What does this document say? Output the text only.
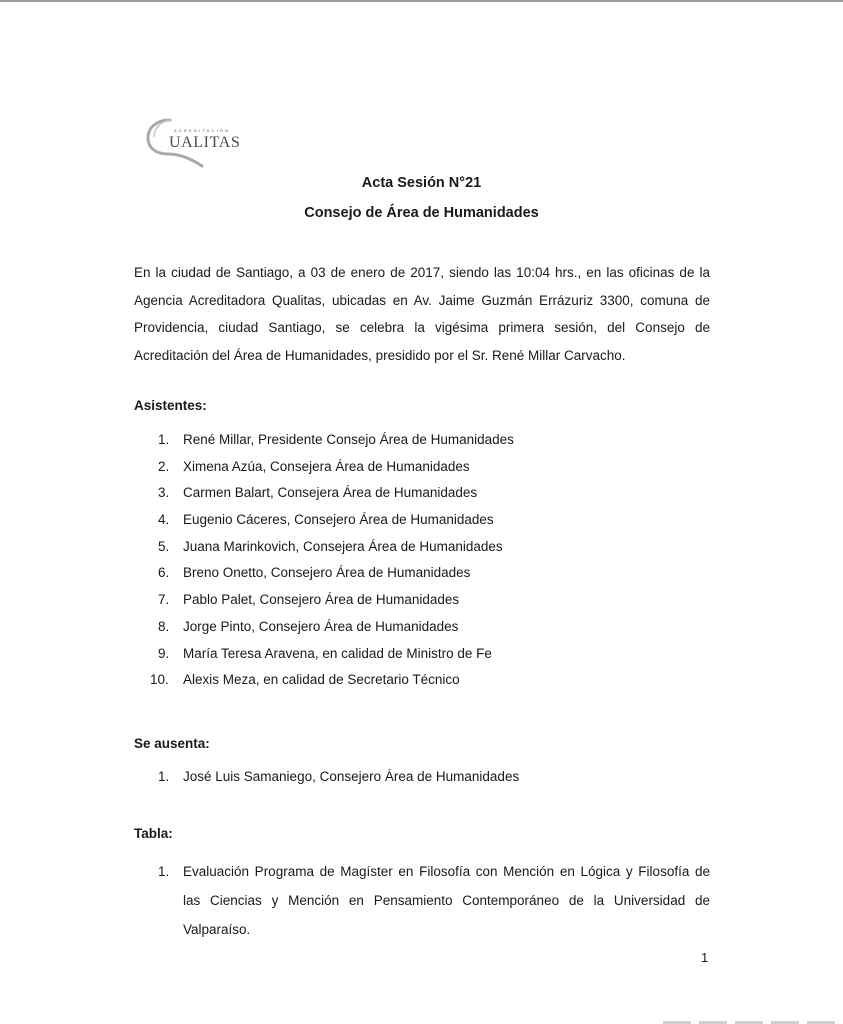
ACREDITACIÓN
UALITAS
Acta Sesión N°21
Consejo de Área de Humanidades
En la ciudad de Santiago, a 03 de enero de 2017, siendo las 10:04 hrs., en las oficinas de la
Agencia Acreditadora Qualitas, ubicadas en Av. Jaime Guzmán Errázuriz 3300, comuna de
Providencia, ciudad Santiago, se celebra la vigésima primera sesión, del Consejo de
Acreditación del Área de Humanidades, presidido por el Sr. René Millar Carvacho.
Asistentes:
1.	René Millar, Presidente Consejo Área de Humanidades
2.	Ximena Azúa, Consejera Área de Humanidades
3.	Carmen Balart, Consejera Área de Humanidades
4.	Eugenio Cáceres, Consejero Área de Humanidades
5.	Juana Marinkovich, Consejera Área de Humanidades
6.	Breno Onetto, Consejero Área de Humanidades
7.	Pablo Palet, Consejero Área de Humanidades
8.	Jorge Pinto, Consejero Área de Humanidades
9.	María Teresa Aravena, en calidad de Ministro de Fe
10.	Alexis Meza, en calidad de Secretario Técnico
Se ausenta:
1.	José Luis Samaniego, Consejero Área de Humanidades
Tabla:
1.	Evaluación Programa de Magíster en Filosofía con Mención en Lógica y Filosofía de
las Ciencias y Mención en Pensamiento Contemporáneo de la Universidad de
Valparaíso.
1
